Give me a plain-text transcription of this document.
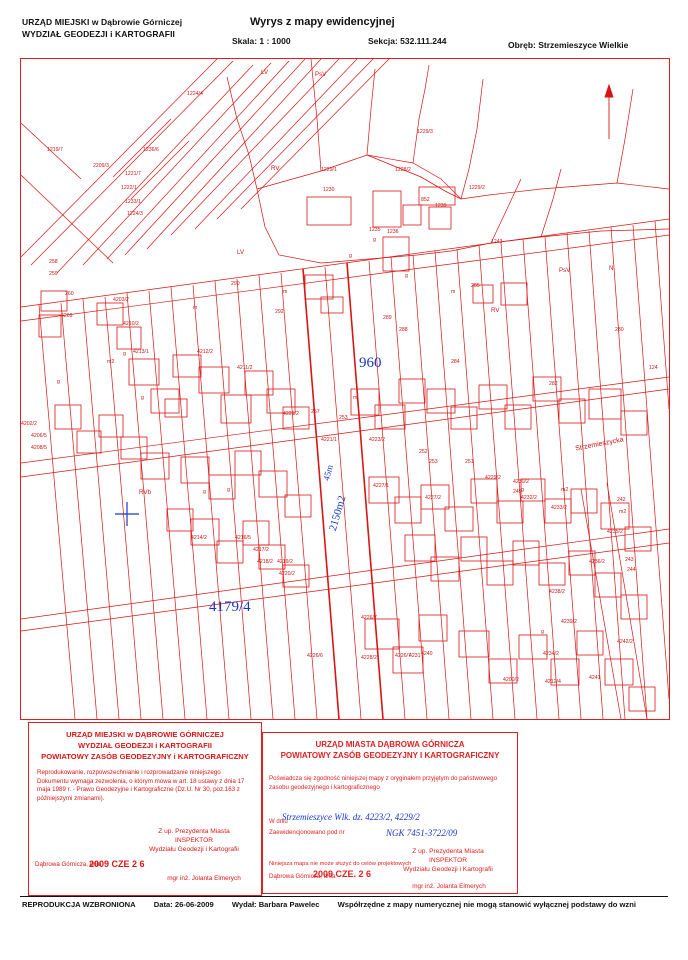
URZĄD MIEJSKI w Dąbrowie Górniczej
WYDZIAŁ GEODEZJI i KARTOGRAFII
Wyrys z mapy ewidencyjnej
Skala: 1 : 1000	Sekcja: 532.111.244	Obręb: Strzemieszyce Wielkie
LV	PsV
RV
LV
PsV
RV
RVb
N
1224/4
1219/7
2209/3
1236/6
1221/7
1222/1
1233/1
1224/3
1230
1229/1	1228/2
1229/3
1229/2
1243
1239
852
1235 1236
258
259
260
4269
4203/2
4213/1	4212/2
4211/2
4210/2
4202/2
4206/5
4208/5
4214/2	4216/5
4217/2
4218/2 4219/2
4220/2
4221/2 257
253
4221/1	4223/2
4226/7
4227/1
4227/2
252
253	251
4229/2
4230/2
4232/2
4233/2
4235/2
4236/2
4238/2
4239/2
4241
4242/2
4228/2	4226/7
4231 4240
4226/6	4234/2
4200/2	4212/4
290
m
292
288
289
284
285
282
280
124
242
m2
249	m2
243
244
m
m2
g
g
g
g	g
g
g
g
g
g
m
m
Strzemieszycka
960
4179/4
2150m2
45m
URZĄD MIEJSKI w DĄBROWIE GÓRNICZEJ
WYDZIAŁ GEODEZJI i KARTOGRAFII
POWIATOWY ZASÓB GEODEZYJNY i KARTOGRAFICZNY
Reprodukowanie, rozpowszechnianie i rozprowadzanie niniejszego Dokumentu wymaga zezwolenia, o którym mowa w art. 18 ustawy z dnia 17 maja 1989 r. - Prawo Geodezyjne i Kartograficzne (Dz.U. Nr 30, poz.163 z późniejszymi zmianami).
Z up. Prezydenta Miasta
INSPEKTOR
Wydziału Geodezji i Kartografii
Dąbrowa Górnicza, dnia
2009 CZE 2 6
mgr inż. Jolanta Elmerych
URZĄD MIASTA DĄBROWA GÓRNICZA
POWIATOWY ZASÓB GEODEZYJNY I KARTOGRAFICZNY
Poświadcza się zgodność niniejszej mapy z oryginałem przyjętym do państwowego zasobu geodezyjnego i kartograficznego
Zaewidencjonowano pod nr
Z up. Prezydenta Miasta
INSPEKTOR
Wydziału Geodezji i Kartografii
Dąbrowa Górnicza, dnia
2009 CZE. 2 6
mgr inż. Jolanta Elmerych
W dniu
Niniejsza mapa nie może służyć do celów projektowych
Strzemieszyce Wlk. dz. 4223/2, 4229/2
NGK 7451-3722/09
REPRODUKCJA WZBRONIONA Data: 26-06-2009 Wydał: Barbara Pawelec Współrzędne z mapy numerycznej nie mogą stanowić wyłącznej podstawy do wzni
